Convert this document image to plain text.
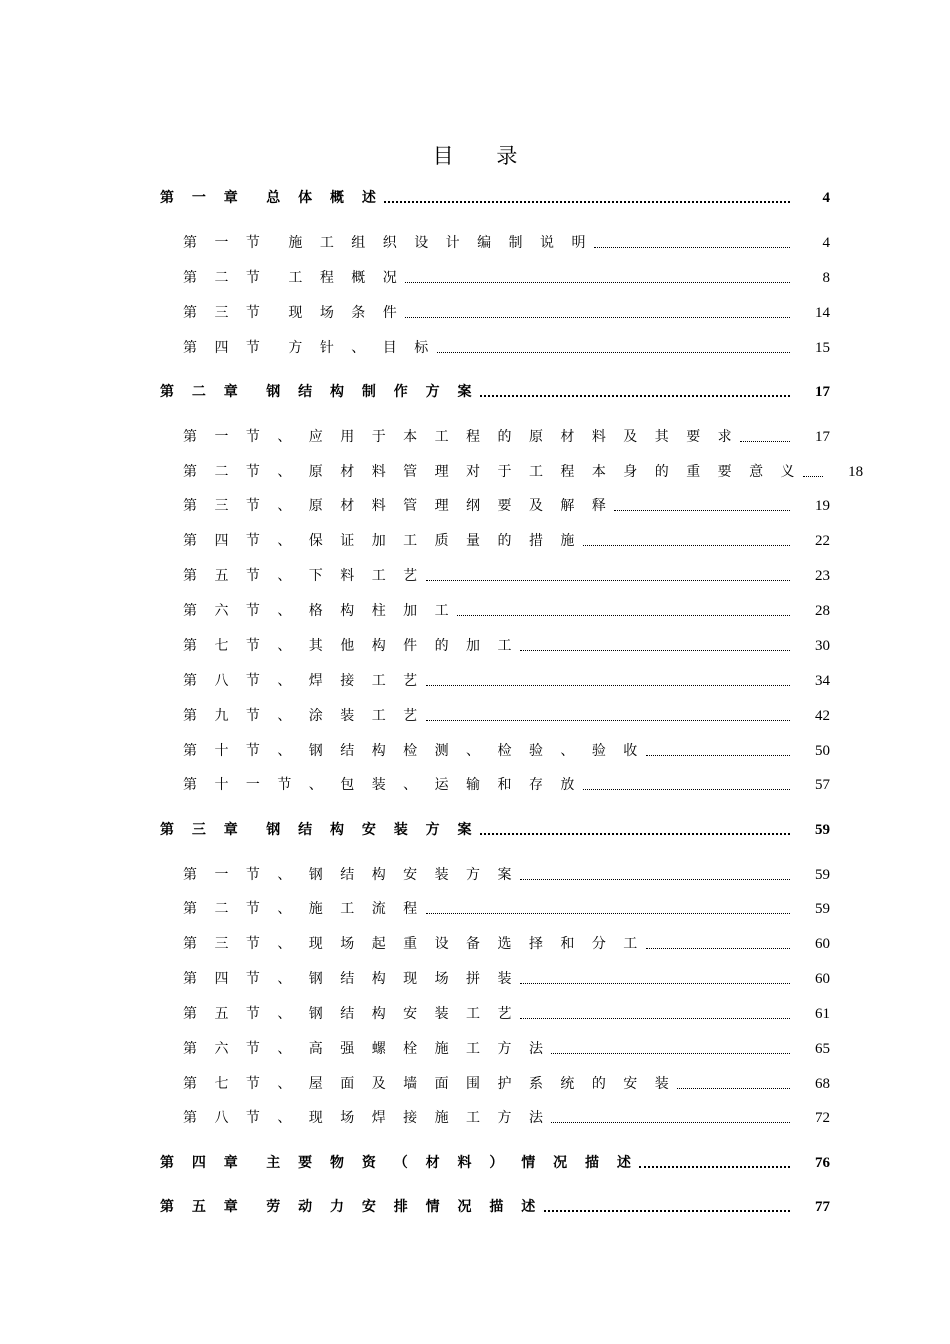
目 录
第 一 章 总 体 概 述	4
第 一 节 施 工 组 织 设 计 编 制 说 明	4
第 二 节 工 程 概 况	8
第 三 节 现 场 条 件	14
第 四 节 方 针 、 目 标	15
第 二 章 钢 结 构 制 作 方 案	17
第 一 节 、 应 用 于 本 工 程 的 原 材 料 及 其 要 求	17
第 二 节 、 原 材 料 管 理 对 于 工 程 本 身 的 重 要 意 义	18
第 三 节 、 原 材 料 管 理 纲 要 及 解 释	19
第 四 节 、 保 证 加 工 质 量 的 措 施	22
第 五 节 、 下 料 工 艺	23
第 六 节 、 格 构 柱 加 工	28
第 七 节 、 其 他 构 件 的 加 工	30
第 八 节 、 焊 接 工 艺	34
第 九 节 、 涂 装 工 艺	42
第 十 节 、 钢 结 构 检 测 、 检 验 、 验 收	50
第 十 一 节 、 包 装 、 运 输 和 存 放	57
第 三 章 钢 结 构 安 装 方 案	59
第 一 节 、 钢 结 构 安 装 方 案	59
第 二 节 、 施 工 流 程	59
第 三 节 、 现 场 起 重 设 备 选 择 和 分 工	60
第 四 节 、 钢 结 构 现 场 拼 装	60
第 五 节 、 钢 结 构 安 装 工 艺	61
第 六 节 、 高 强 螺 栓 施 工 方 法	65
第 七 节 、 屋 面 及 墙 面 围 护 系 统 的 安 装	68
第 八 节 、 现 场 焊 接 施 工 方 法	72
第 四 章 主 要 物 资 （ 材 料 ） 情 况 描 述	76
第 五 章 劳 动 力 安 排 情 况 描 述	77
